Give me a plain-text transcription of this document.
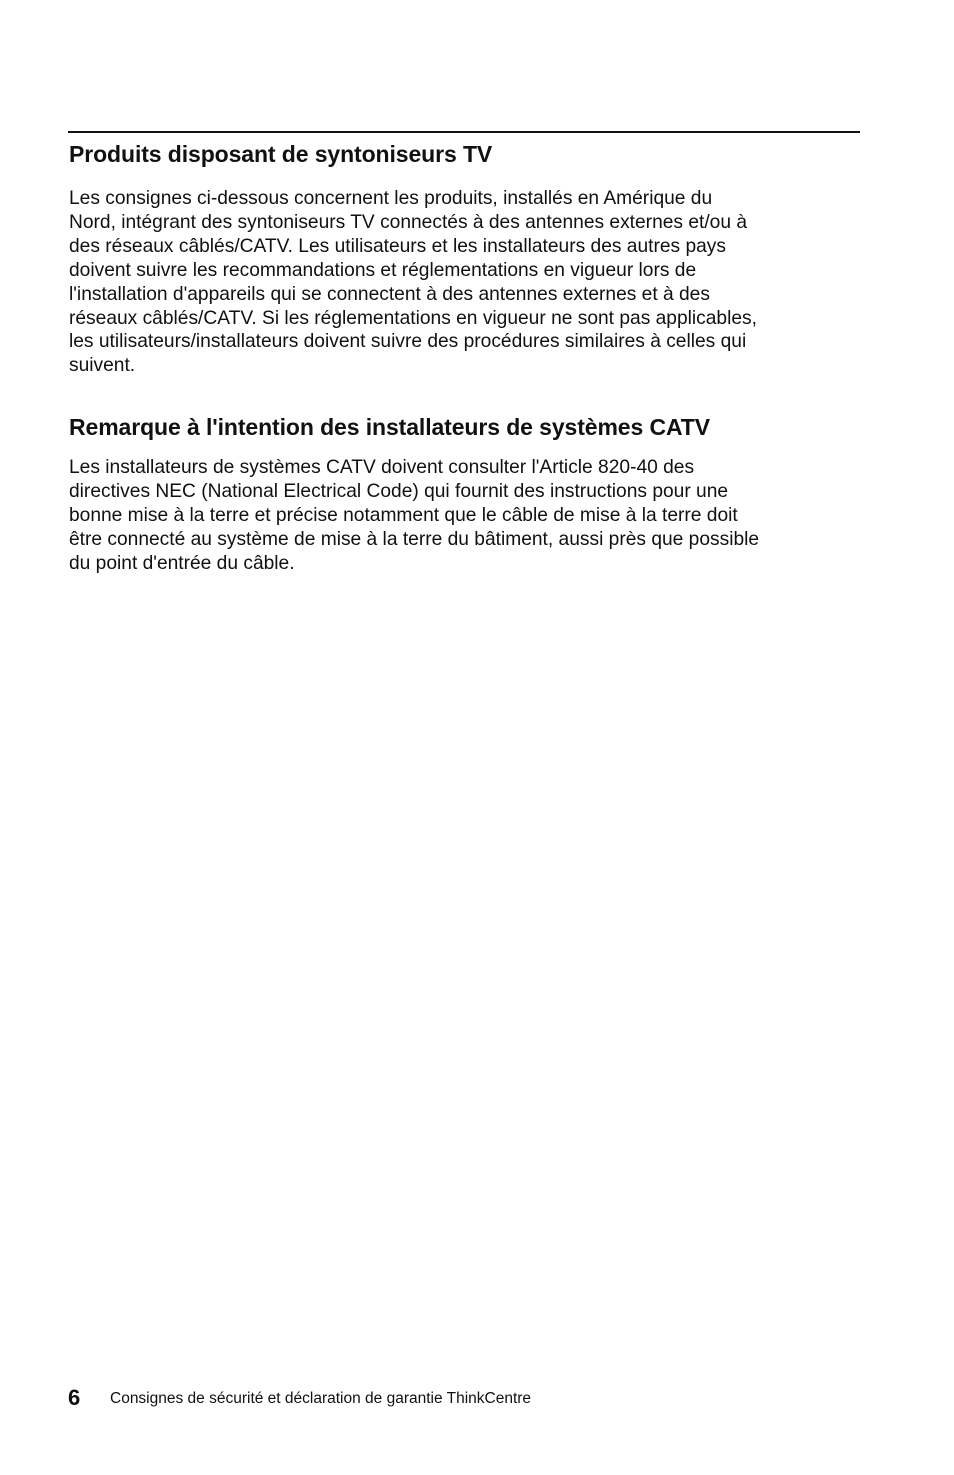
Produits disposant de syntoniseurs TV

Les consignes ci-dessous concernent les produits, installés en Amérique du
Nord, intégrant des syntoniseurs TV connectés à des antennes externes et/ou à
des réseaux câblés/CATV. Les utilisateurs et les installateurs des autres pays
doivent suivre les recommandations et réglementations en vigueur lors de
l'installation d'appareils qui se connectent à des antennes externes et à des
réseaux câblés/CATV. Si les réglementations en vigueur ne sont pas applicables,
les utilisateurs/installateurs doivent suivre des procédures similaires à celles qui
suivent.

Remarque à l'intention des installateurs de systèmes CATV

Les installateurs de systèmes CATV doivent consulter l'Article 820-40 des
directives NEC (National Electrical Code) qui fournit des instructions pour une
bonne mise à la terre et précise notamment que le câble de mise à la terre doit
être connecté au système de mise à la terre du bâtiment, aussi près que possible
du point d'entrée du câble.

6 Consignes de sécurité et déclaration de garantie ThinkCentre
